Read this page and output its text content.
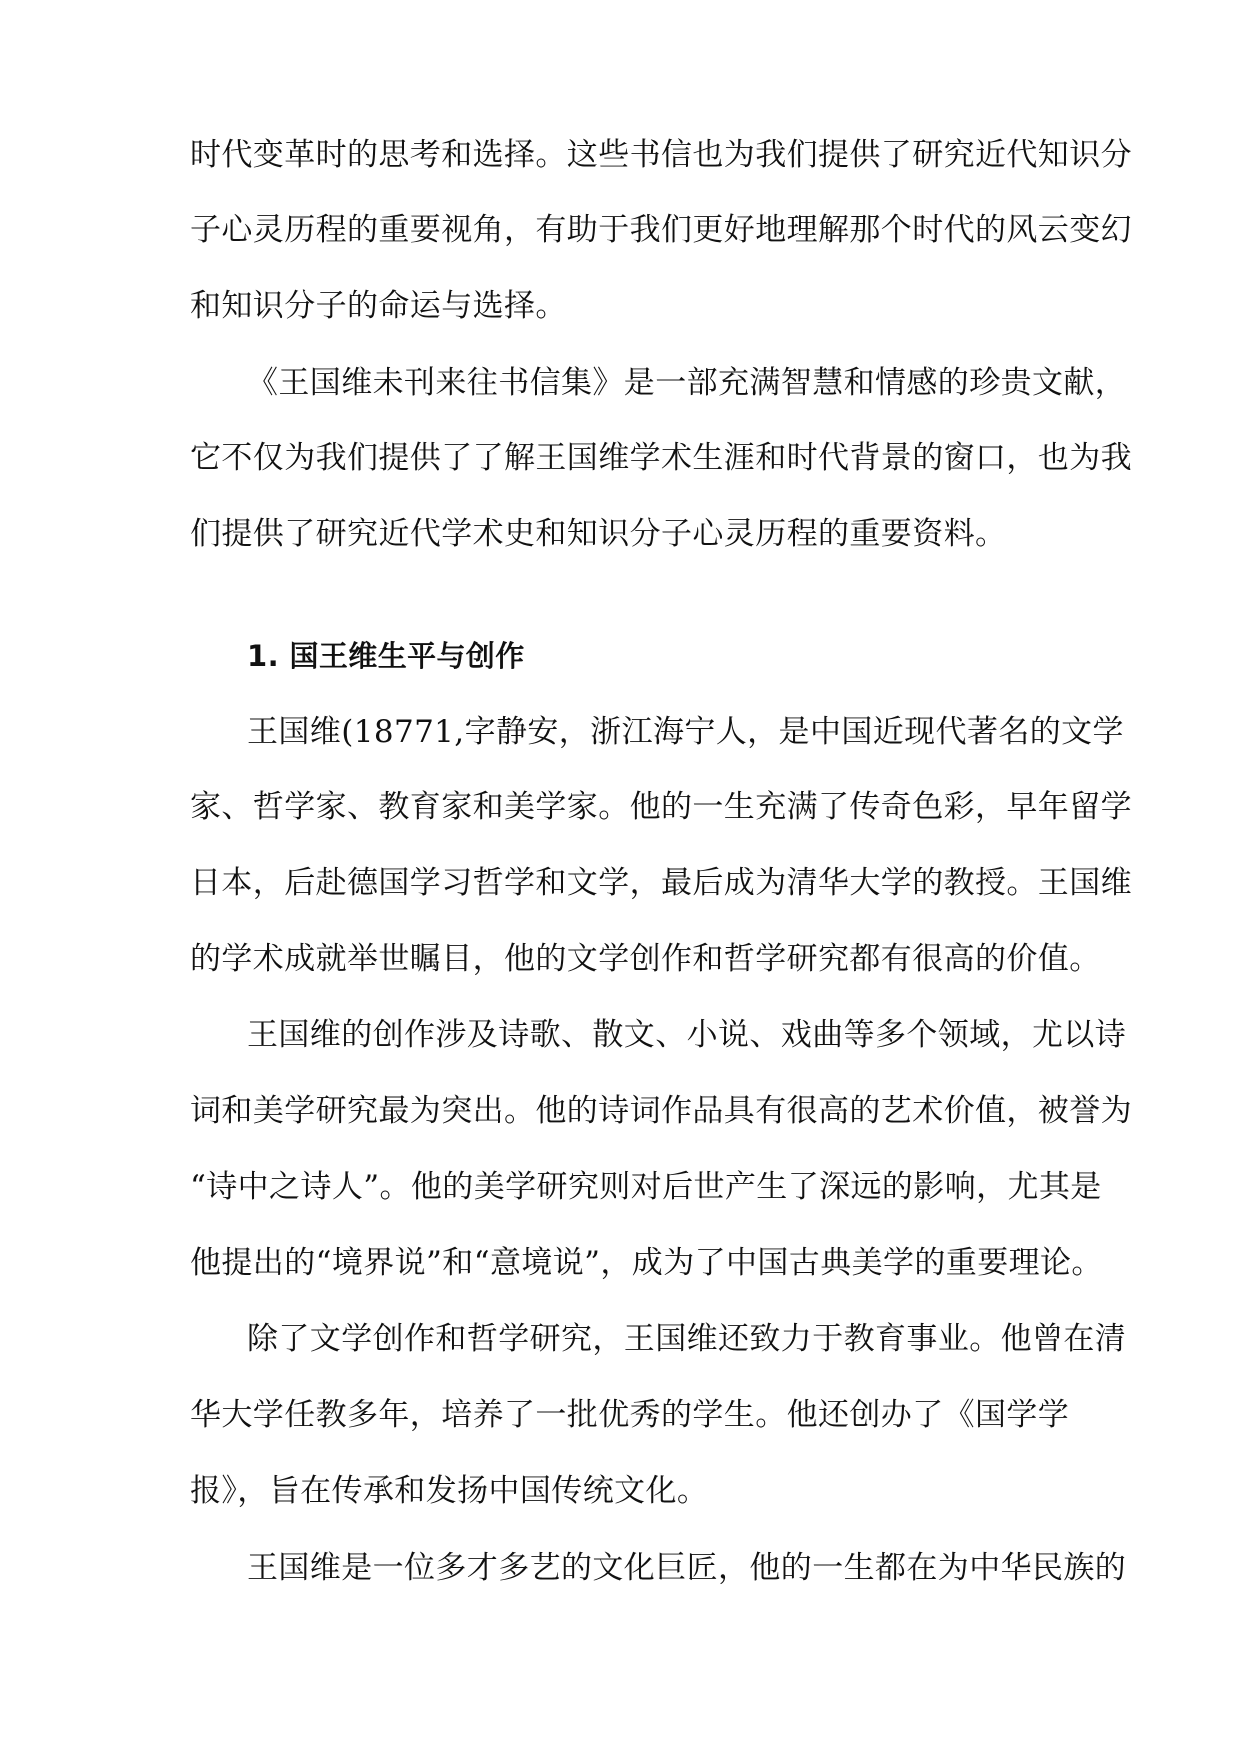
时代变革时的思考和选择。这些书信也为我们提供了研究近代知识分
子心灵历程的重要视角，有助于我们更好地理解那个时代的风云变幻
和知识分子的命运与选择。
《王国维未刊来往书信集》是一部充满智慧和情感的珍贵文献，
它不仅为我们提供了了解王国维学术生涯和时代背景的窗口，也为我
们提供了研究近代学术史和知识分子心灵历程的重要资料。
1. 国王维生平与创作
王国维(18771,字静安，浙江海宁人，是中国近现代著名的文学
家、哲学家、教育家和美学家。他的一生充满了传奇色彩，早年留学
日本，后赴德国学习哲学和文学，最后成为清华大学的教授。王国维
的学术成就举世瞩目，他的文学创作和哲学研究都有很高的价值。
王国维的创作涉及诗歌、散文、小说、戏曲等多个领域，尤以诗
词和美学研究最为突出。他的诗词作品具有很高的艺术价值，被誉为
“诗中之诗人”。他的美学研究则对后世产生了深远的影响，尤其是
他提出的“境界说”和“意境说”，成为了中国古典美学的重要理论。
除了文学创作和哲学研究，王国维还致力于教育事业。他曾在清
华大学任教多年，培养了一批优秀的学生。他还创办了《国学学
报》，旨在传承和发扬中国传统文化。
王国维是一位多才多艺的文化巨匠，他的一生都在为中华民族的
